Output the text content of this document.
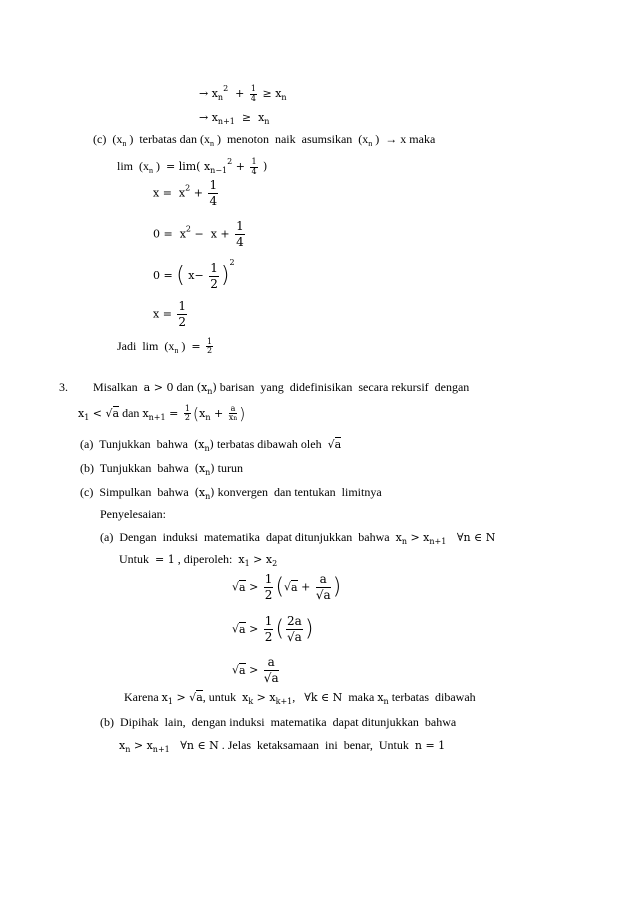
→ $x_n^2 + \frac{1}{4} \ge x_n$
→ $x_{n+1} \ge x_n$
(c)  ($x_n$ )  terbatas dan ($x_n$ )  menoton  naik  asumsikan  ($x_n$ )  → x maka
$\lim (x_n$ )  = lim( $x_{n-1}^2 + \frac{1}{4}$ )
$x = x^2 + \frac{1}{4}$
$0 = x^2 - x + \frac{1}{4}$
0 = ( $x- \frac{1}{2} )^2$
$x = \frac{1}{2}$
Jadi  $\lim (x_n$ )  = $\frac{1}{2}$
3. Misalkan  a > 0 dan $(x_n)$ barisan  yang  didefinisikan  secara rekursif  dengan
$x_1 < √a$ dan $x_{n+1} = \frac{1}{2} (x_n + \frac{a}{xn}$ )
(a)  Tunjukkan  bahwa  $(x_n)$ terbatas dibawah oleh  √a
(b)  Tunjukkan  bahwa  $(x_n)$ turun
(c)  Simpulkan  bahwa  $(x_n)$ konvergen  dan tentukan  limitnya
Penyelesaian:
(a)  Dengan  induksi  matematika  dapat ditunjukkan  bahwa  $x_n > x_{n+1}$   ∀n ∈ N
Untuk  = 1 , diperoleh:  $x_1 > x_2$
$√a > \frac{1}{2} (√a + \frac{a}{√a}$ )
$√a > \frac{1}{2}$ ( $\frac{2a}{√a}$ )
$√a > \frac{a}{√a}$
Karena $x_1 > √a$, untuk  $x_k > x_{k+1}$,   ∀k ∈ N  maka $x_n$ terbatas  dibawah
(b)  Dipihak  lain,  dengan induksi  matematika  dapat ditunjukkan  bahwa
$x_n > x_{n+1}$   ∀n ∈ N . Jelas  ketaksamaan  ini  benar,  Untuk  n = 1
